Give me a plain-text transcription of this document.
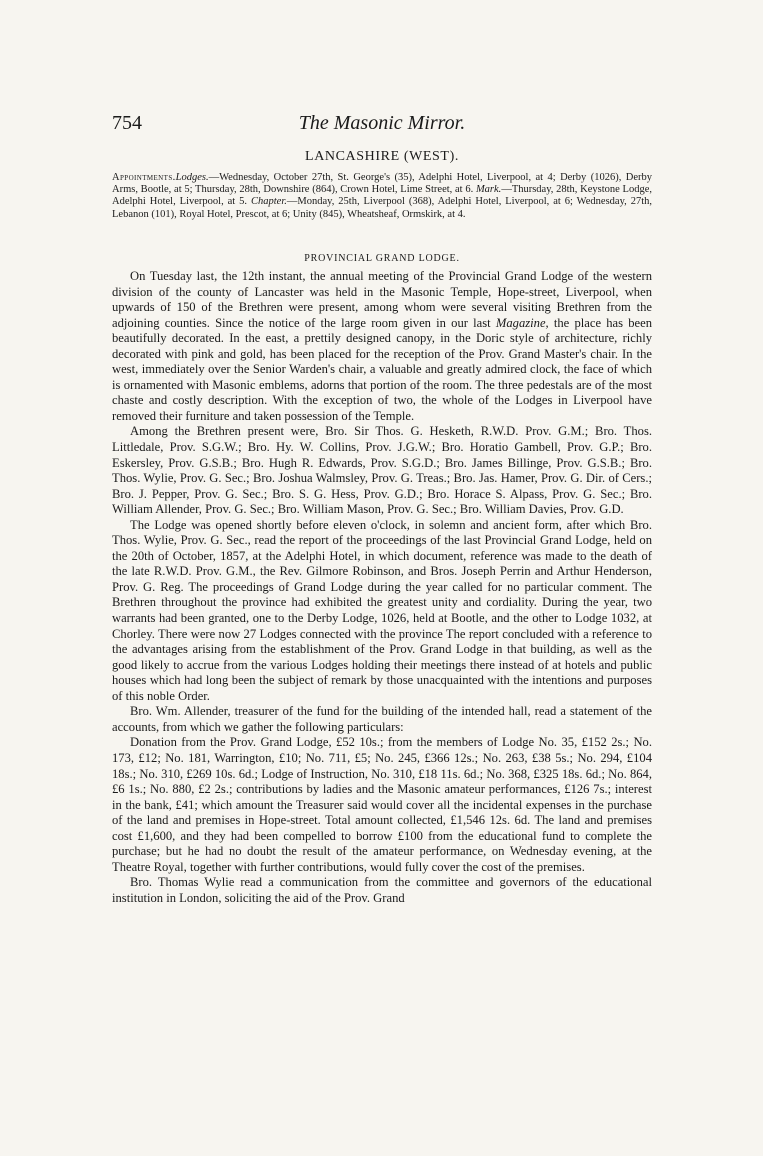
754	The Masonic Mirror.
LANCASHIRE (WEST).
Appointments.Lodges.—Wednesday, October 27th, St. George's (35), Adelphi Hotel, Liverpool, at 4; Derby (1026), Derby Arms, Bootle, at 5; Thursday, 28th, Downshire (864), Crown Hotel, Lime Street, at 6. Mark.—Thursday, 28th, Keystone Lodge, Adelphi Hotel, Liverpool, at 5. Chapter.—Monday, 25th, Liverpool (368), Adelphi Hotel, Liverpool, at 6; Wednesday, 27th, Lebanon (101), Royal Hotel, Prescot, at 6; Unity (845), Wheatsheaf, Ormskirk, at 4.
PROVINCIAL GRAND LODGE.

On Tuesday last, the 12th instant, the annual meeting of the Provincial Grand Lodge of the western division of the county of Lancaster was held in the Masonic Temple, Hope-street, Liverpool, when upwards of 150 of the Brethren were present, among whom were several visiting Brethren from the adjoining counties. Since the notice of the large room given in our last Magazine, the place has been beautifully decorated. In the east, a prettily designed canopy, in the Doric style of architecture, richly decorated with pink and gold, has been placed for the reception of the Prov. Grand Master's chair. In the west, immediately over the Senior Warden's chair, a valuable and greatly admired clock, the face of which is ornamented with Masonic emblems, adorns that portion of the room. The three pedestals are of the most chaste and costly description. With the exception of two, the whole of the Lodges in Liverpool have removed their furniture and taken possession of the Temple.

Among the Brethren present were, Bro. Sir Thos. G. Hesketh, R.W.D. Prov. G.M.; Bro. Thos. Littledale, Prov. S.G.W.; Bro. Hy. W. Collins, Prov. J.G.W.; Bro. Horatio Gambell, Prov. G.P.; Bro. Eskersley, Prov. G.S.B.; Bro. Hugh R. Edwards, Prov. S.G.D.; Bro. James Billinge, Prov. G.S.B.; Bro. Thos. Wylie, Prov. G. Sec.; Bro. Joshua Walmsley, Prov. G. Treas.; Bro. Jas. Hamer, Prov. G. Dir. of Cers.; Bro. J. Pepper, Prov. G. Sec.; Bro. S. G. Hess, Prov. G.D.; Bro. Horace S. Alpass, Prov. G. Sec.; Bro. William Allender, Prov. G. Sec.; Bro. William Mason, Prov. G. Sec.; Bro. William Davies, Prov. G.D.

The Lodge was opened shortly before eleven o'clock, in solemn and ancient form, after which Bro. Thos. Wylie, Prov. G. Sec., read the report of the proceedings of the last Provincial Grand Lodge, held on the 20th of October, 1857, at the Adelphi Hotel, in which document, reference was made to the death of the late R.W.D. Prov. G.M., the Rev. Gilmore Robinson, and Bros. Joseph Perrin and Arthur Henderson, Prov. G. Reg. The proceedings of Grand Lodge during the year called for no particular comment. The Brethren throughout the province had exhibited the greatest unity and cordiality. During the year, two warrants had been granted, one to the Derby Lodge, 1026, held at Bootle, and the other to Lodge 1032, at Chorley. There were now 27 Lodges connected with the province The report concluded with a reference to the advantages arising from the establishment of the Prov. Grand Lodge in that building, as well as the good likely to accrue from the various Lodges holding their meetings there instead of at hotels and public houses which had long been the subject of remark by those unacquainted with the intentions and purposes of this noble Order.

Bro. Wm. Allender, treasurer of the fund for the building of the intended hall, read a statement of the accounts, from which we gather the following particulars:

Donation from the Prov. Grand Lodge, £52 10s.; from the members of Lodge No. 35, £152 2s.; No. 173, £12; No. 181, Warrington, £10; No. 711, £5; No. 245, £366 12s.; No. 263, £38 5s.; No. 294, £104 18s.; No. 310, £269 10s. 6d.; Lodge of Instruction, No. 310, £18 11s. 6d.; No. 368, £325 18s. 6d.; No. 864, £6 1s.; No. 880, £2 2s.; contributions by ladies and the Masonic amateur performances, £126 7s.; interest in the bank, £41; which amount the Treasurer said would cover all the incidental expenses in the purchase of the land and premises in Hope-street. Total amount collected, £1,546 12s. 6d. The land and premises cost £1,600, and they had been compelled to borrow £100 from the educational fund to complete the purchase; but he had no doubt the result of the amateur performance, on Wednesday evening, at the Theatre Royal, together with further contributions, would fully cover the cost of the premises.

Bro. Thomas Wylie read a communication from the committee and governors of the educational institution in London, soliciting the aid of the Prov. Grand
